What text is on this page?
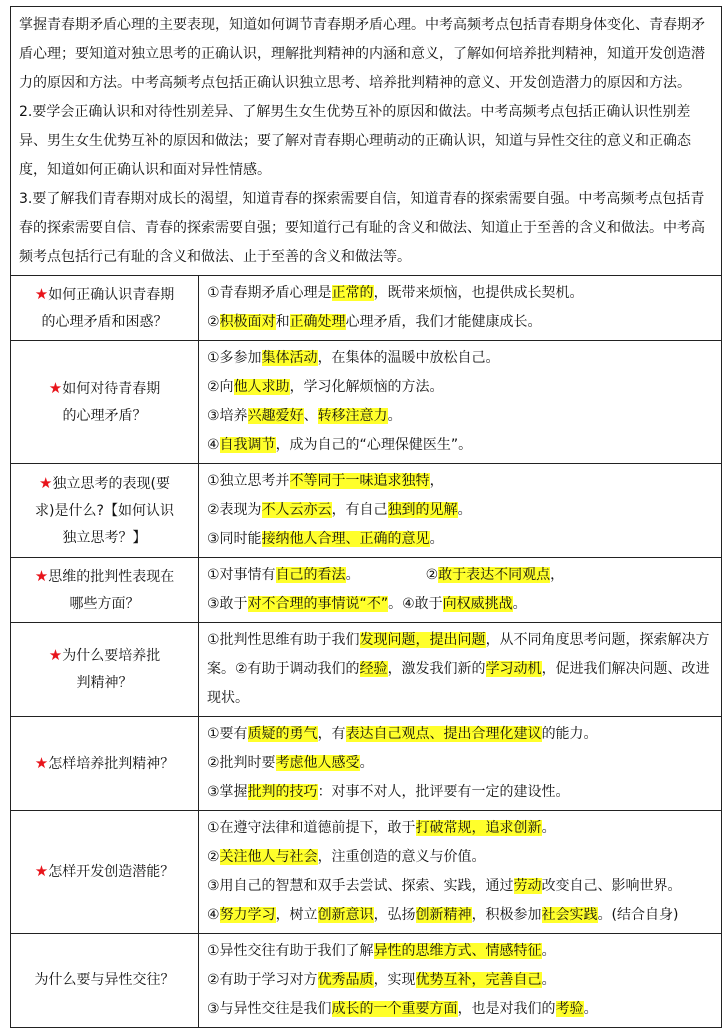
掌握青春期矛盾心理的主要表现，知道如何调节青春期矛盾心理。中考高频考点包括青春期身体变化、青春期矛盾心理；要知道对独立思考的正确认识，理解批判精神的内涵和意义，了解如何培养批判精神，知道开发创造潜力的原因和方法。中考高频考点包括正确认识独立思考、培养批判精神的意义、开发创造潜力的原因和方法。
2.要学会正确认识和对待性别差异、了解男生女生优势互补的原因和做法。中考高频考点包括正确认识性别差异、男生女生优势互补的原因和做法；要了解对青春期心理萌动的正确认识，知道与异性交往的意义和正确态度，知道如何正确认识和面对异性情感。
3.要了解我们青春期对成长的渴望，知道青春的探索需要自信，知道青春的探索需要自强。中考高频考点包括青春的探索需要自信、青春的探索需要自强；要知道行己有耻的含义和做法、知道止于至善的含义和做法。中考高频考点包括行己有耻的含义和做法、止于至善的含义和做法等。	

★如何正确认识青春期的心理矛盾和困惑？	①青春期矛盾心理是正常的，既带来烦恼，也提供成长契机。
②积极面对和正确处理心理矛盾，我们才能健康成长。

★如何对待青春期的心理矛盾？	①多参加集体活动，在集体的温暖中放松自己。
②向他人求助，学习化解烦恼的方法。
③培养兴趣爱好、转移注意力。
④自我调节，成为自己的“心理保健医生”。

★独立思考的表现(要求)是什么?【如何认识独立思考？】	①独立思考并不等同于一味追求独特，
②表现为不人云亦云，有自己独到的见解。
③同时能接纳他人合理、正确的意见。

★思维的批判性表现在哪些方面？	①对事情有自己的看法。 ②敢于表达不同观点，
③敢于对不合理的事情说“不”。④敢于向权威挑战。

★为什么要培养批判精神？	①批判性思维有助于我们发现问题，提出问题，从不同角度思考问题，探索解决方案。②有助于调动我们的经验，激发我们新的学习动机，促进我们解决问题、改进现状。

★怎样培养批判精神？	①要有质疑的勇气，有表达自己观点、提出合理化建议的能力。
②批判时要考虑他人感受。
③掌握批判的技巧：对事不对人，批评要有一定的建设性。

★怎样开发创造潜能？	①在遵守法律和道德前提下，敢于打破常规，追求创新。
②关注他人与社会，注重创造的意义与价值。
③用自己的智慧和双手去尝试、探索、实践，通过劳动改变自己、影响世界。
④努力学习，树立创新意识，弘扬创新精神，积极参加社会实践。(结合自身)

为什么要与异性交往？	①异性交往有助于我们了解异性的思维方式、情感特征。
②有助于学习对方优秀品质，实现优势互补，完善自己。
③与异性交往是我们成长的一个重要方面，也是对我们的考验。
